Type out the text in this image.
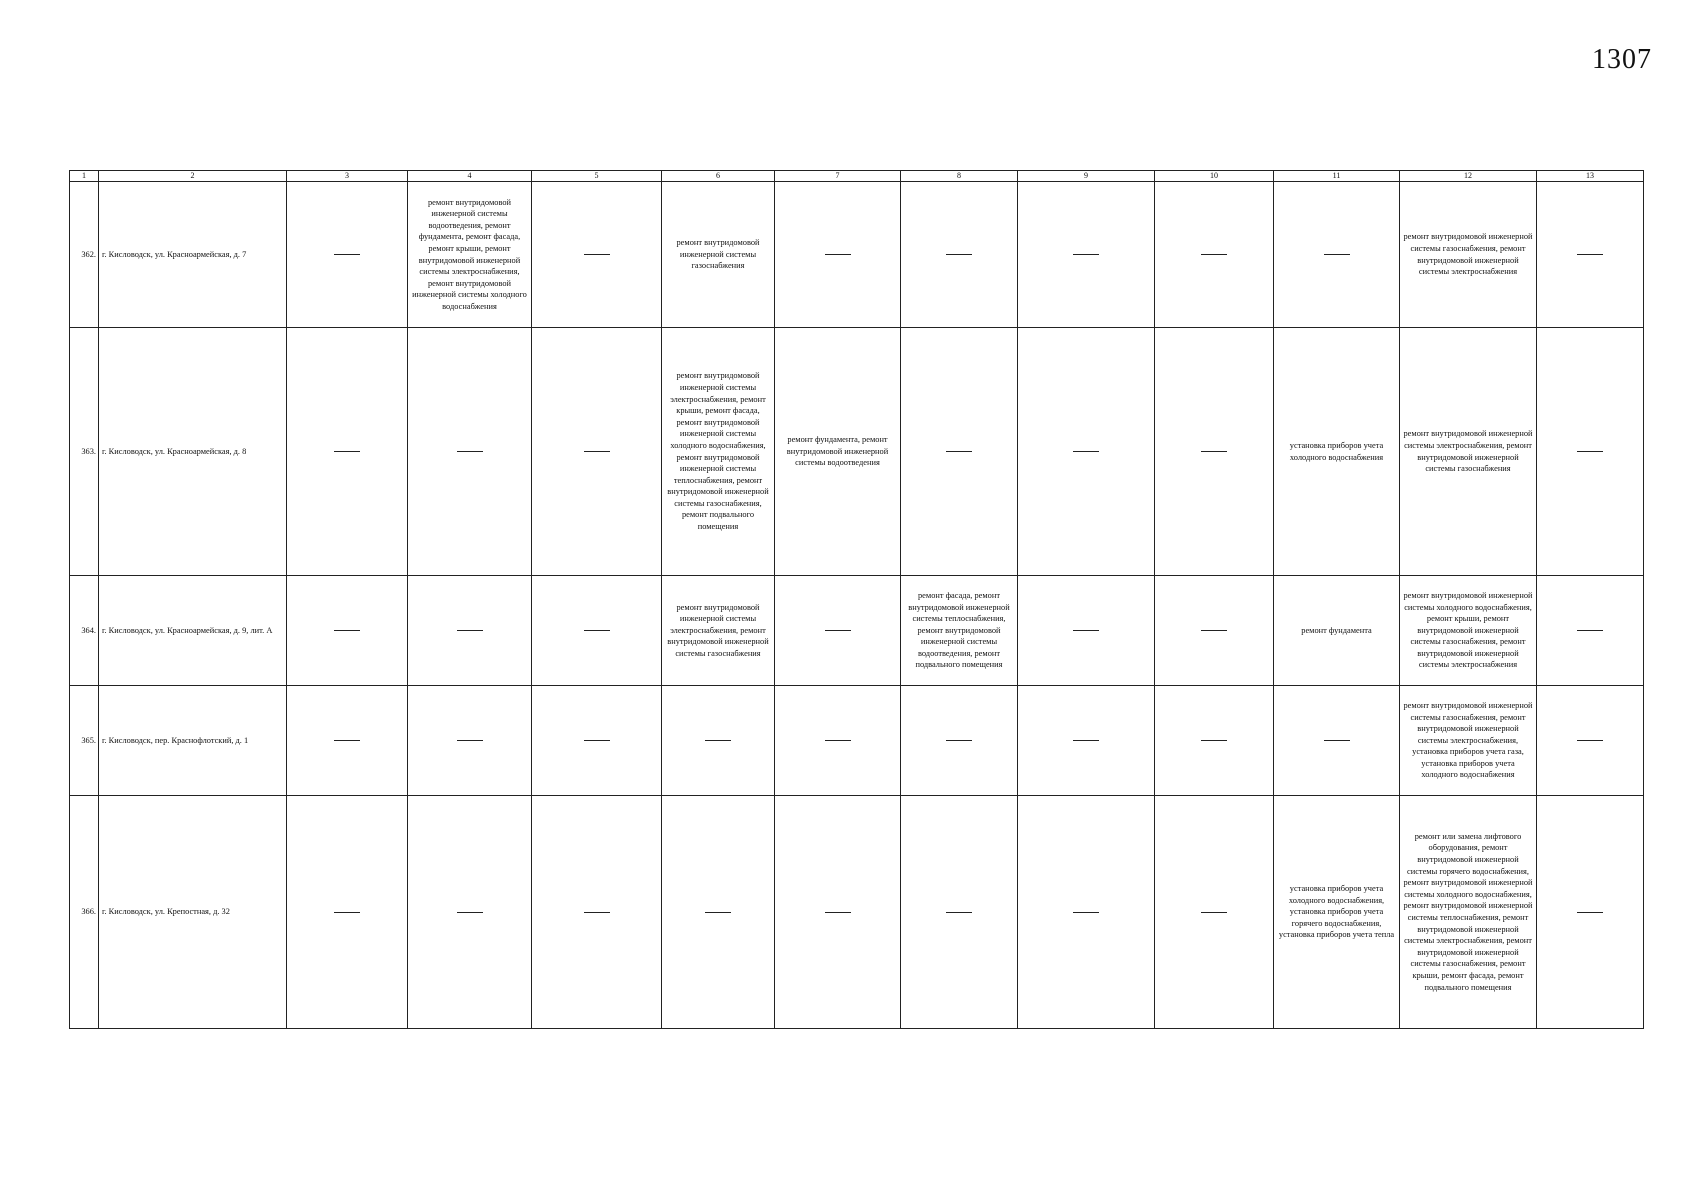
1307
1	2	3	4	5	6	7	8	9	10	11	12	13
362.	г. Кисловодск, ул. Красноармейская, д. 7		ремонт внутридомовой инженерной системы водоотведения, ремонт фундамента, ремонт фасада, ремонт крыши, ремонт внутридомовой инженерной системы электроснабжения, ремонт внутридомовой инженерной системы холодного водоснабжения		ремонт внутридомовой инженерной системы газоснабжения						ремонт внутридомовой инженерной системы газоснабжения, ремонт внутридомовой инженерной системы электроснабжения	
363.	г. Кисловодск, ул. Красноармейская, д. 8				ремонт внутридомовой инженерной системы электроснабжения, ремонт крыши, ремонт фасада, ремонт внутридомовой инженерной системы холодного водоснабжения, ремонт внутридомовой инженерной системы теплоснабжения, ремонт внутридомовой инженерной системы газоснабжения, ремонт подвального помещения	ремонт фундамента, ремонт внутридомовой инженерной системы водоотведения				установка приборов учета холодного водоснабжения	ремонт внутридомовой инженерной системы электроснабжения, ремонт внутридомовой инженерной системы газоснабжения	
364.	г. Кисловодск, ул. Красноармейская, д. 9, лит. А				ремонт внутридомовой инженерной системы электроснабжения, ремонт внутридомовой инженерной системы газоснабжения		ремонт фасада, ремонт внутридомовой инженерной системы теплоснабжения, ремонт внутридомовой инженерной системы водоотведения, ремонт подвального помещения			ремонт фундамента	ремонт внутридомовой инженерной системы холодного водоснабжения, ремонт крыши, ремонт внутридомовой инженерной системы газоснабжения, ремонт внутридомовой инженерной системы электроснабжения	
365.	г. Кисловодск, пер. Краснофлотский, д. 1										ремонт внутридомовой инженерной системы газоснабжения, ремонт внутридомовой инженерной системы электроснабжения, установка приборов учета газа, установка приборов учета холодного водоснабжения	
366.	г. Кисловодск, ул. Крепостная, д. 32									установка приборов учета холодного водоснабжения, установка приборов учета горячего водоснабжения, установка приборов учета тепла	ремонт или замена лифтового оборудования, ремонт внутридомовой инженерной системы горячего водоснабжения, ремонт внутридомовой инженерной системы холодного водоснабжения, ремонт внутридомовой инженерной системы теплоснабжения, ремонт внутридомовой инженерной системы электроснабжения, ремонт внутридомовой инженерной системы газоснабжения, ремонт крыши, ремонт фасада, ремонт подвального помещения	
